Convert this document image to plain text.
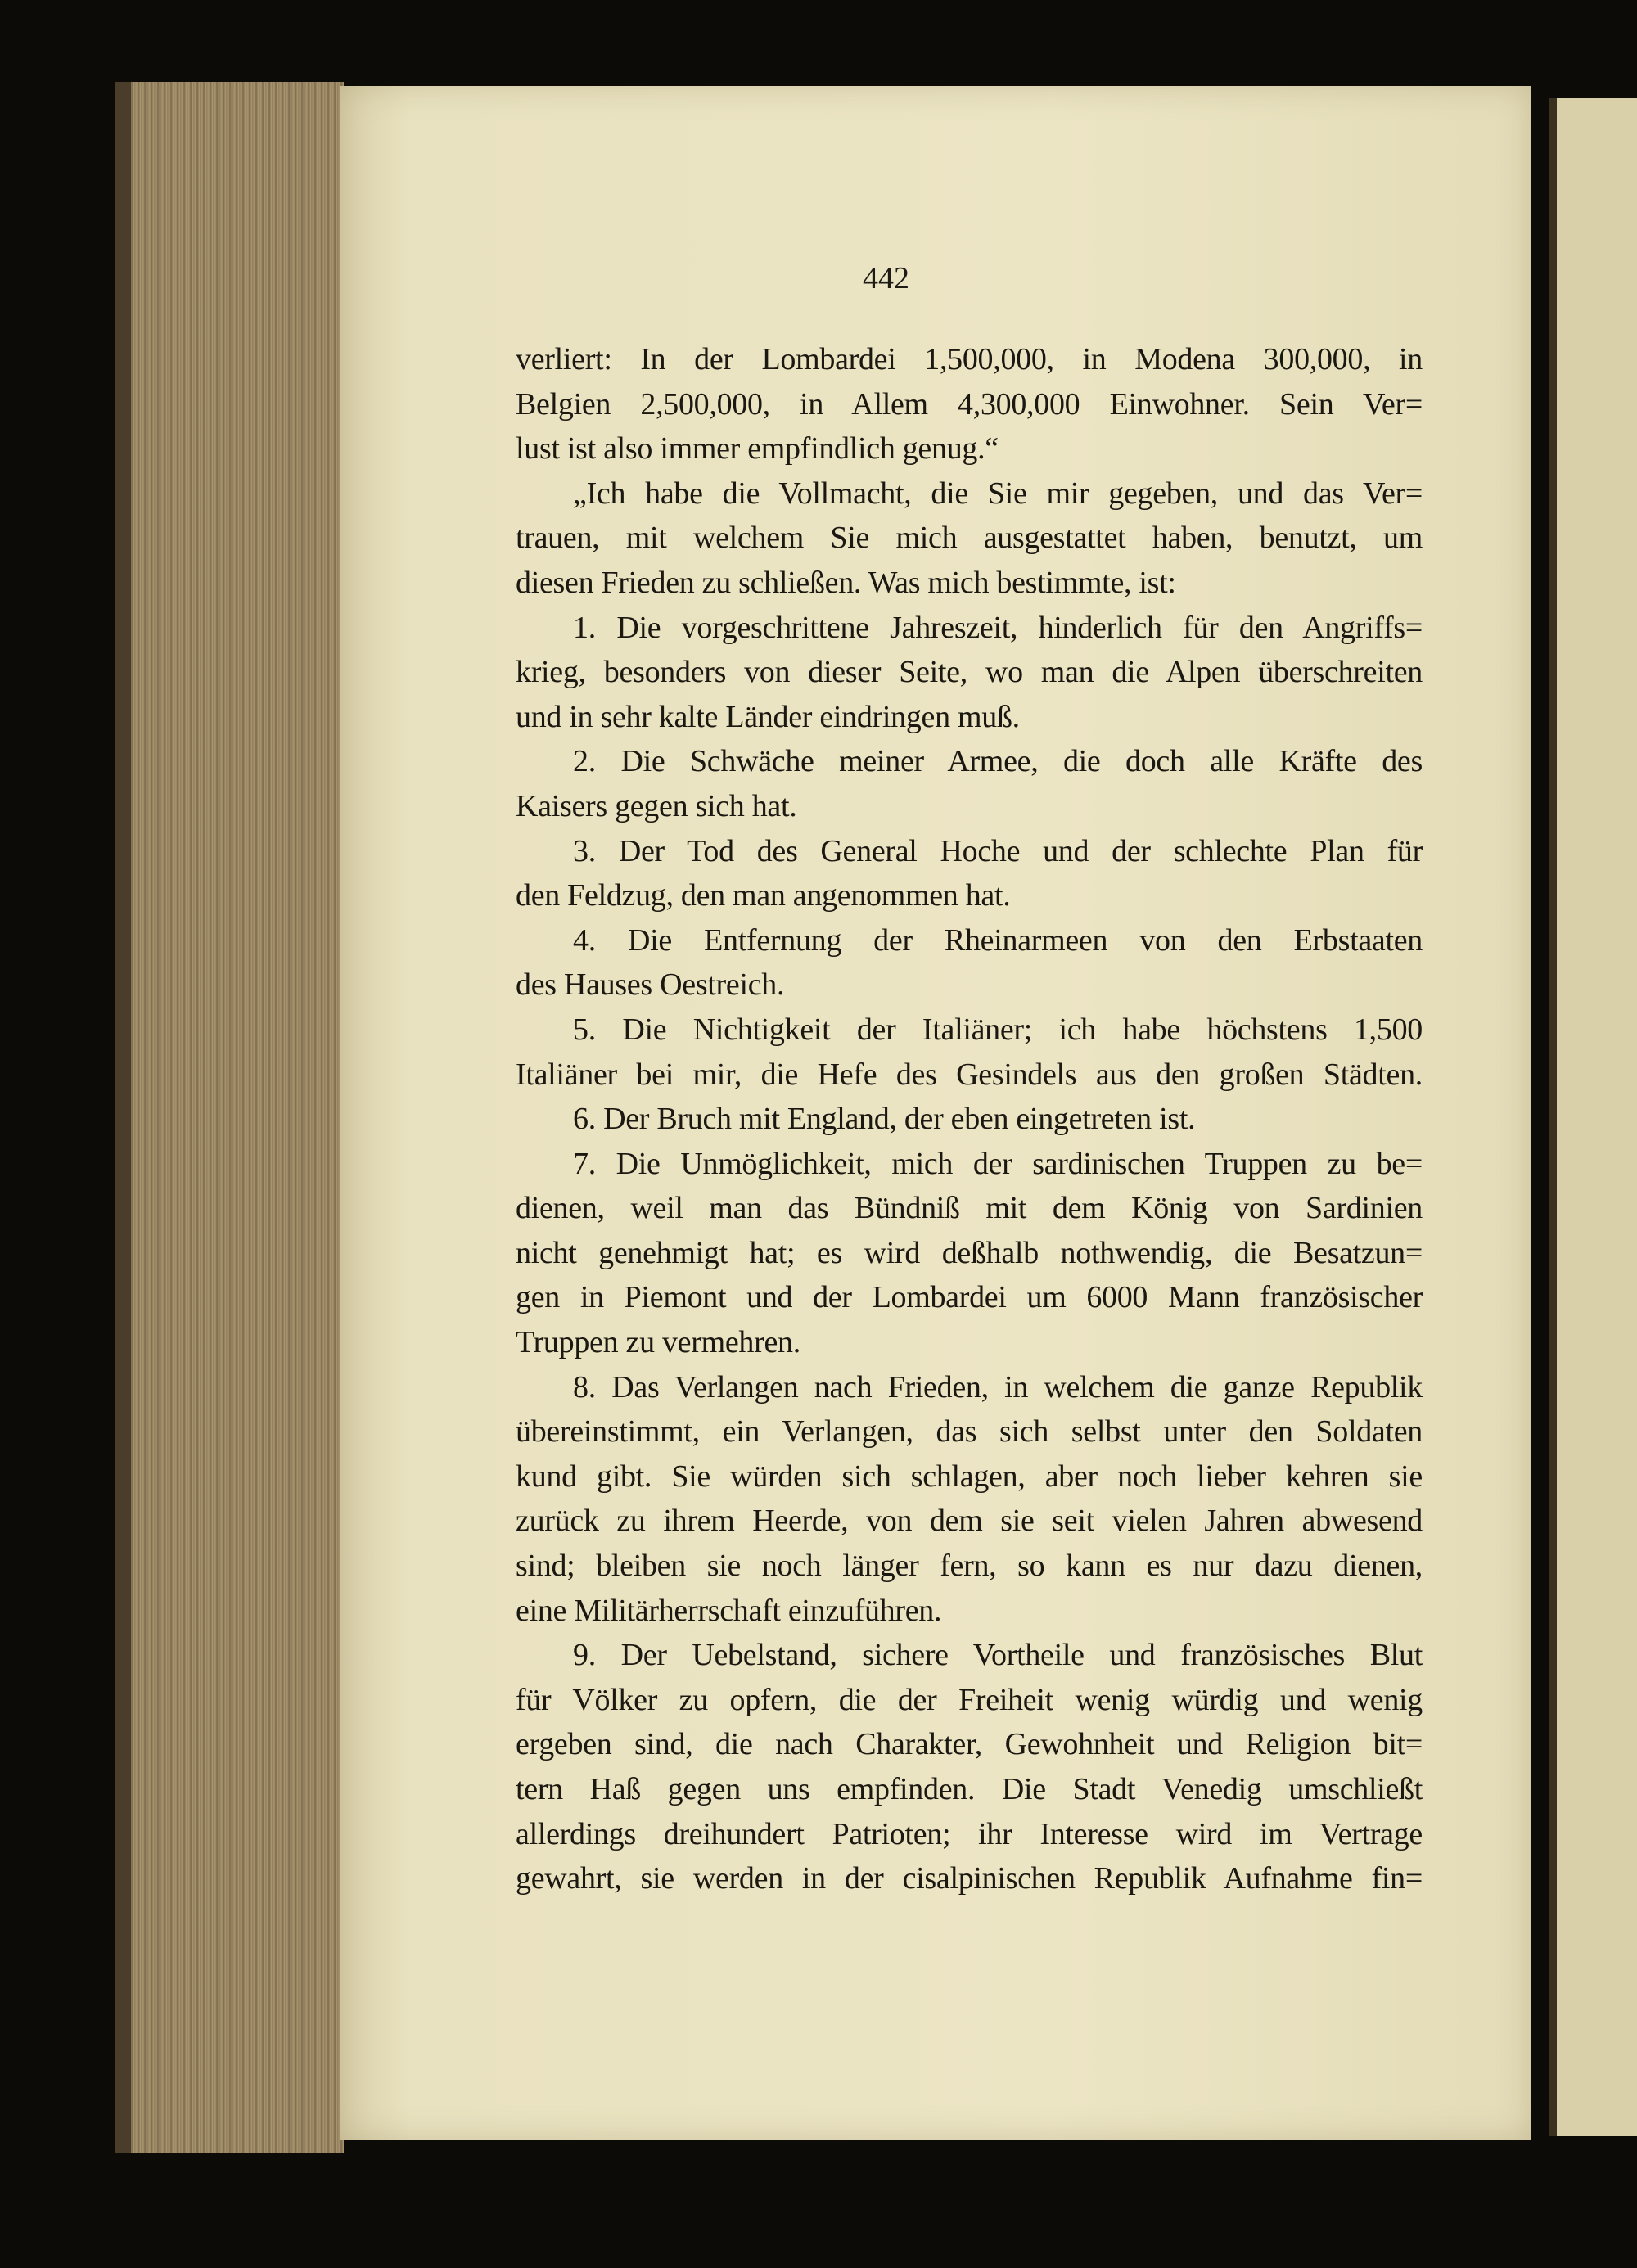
442
verliert: In der Lombardei 1,500,000, in Modena 300,000, in
Belgien 2,500,000, in Allem 4,300,000 Einwohner. Sein Ver=
lust ist also immer empfindlich genug.“
„Ich habe die Vollmacht, die Sie mir gegeben, und das Ver=
trauen, mit welchem Sie mich ausgestattet haben, benutzt, um
diesen Frieden zu schließen. Was mich bestimmte, ist:
1. Die vorgeschrittene Jahreszeit, hinderlich für den Angriffs=
krieg, besonders von dieser Seite, wo man die Alpen überschreiten
und in sehr kalte Länder eindringen muß.
2. Die Schwäche meiner Armee, die doch alle Kräfte des
Kaisers gegen sich hat.
3. Der Tod des General Hoche und der schlechte Plan für
den Feldzug, den man angenommen hat.
4. Die Entfernung der Rheinarmeen von den Erbstaaten
des Hauses Oestreich.
5. Die Nichtigkeit der Italiäner; ich habe höchstens 1,500
Italiäner bei mir, die Hefe des Gesindels aus den großen Städten.
6. Der Bruch mit England, der eben eingetreten ist.
7. Die Unmöglichkeit, mich der sardinischen Truppen zu be=
dienen, weil man das Bündniß mit dem König von Sardinien
nicht genehmigt hat; es wird deßhalb nothwendig, die Besatzun=
gen in Piemont und der Lombardei um 6000 Mann französischer
Truppen zu vermehren.
8. Das Verlangen nach Frieden, in welchem die ganze Republik
übereinstimmt, ein Verlangen, das sich selbst unter den Soldaten
kund gibt. Sie würden sich schlagen, aber noch lieber kehren sie
zurück zu ihrem Heerde, von dem sie seit vielen Jahren abwesend
sind; bleiben sie noch länger fern, so kann es nur dazu dienen,
eine Militärherrschaft einzuführen.
9. Der Uebelstand, sichere Vortheile und französisches Blut
für Völker zu opfern, die der Freiheit wenig würdig und wenig
ergeben sind, die nach Charakter, Gewohnheit und Religion bit=
tern Haß gegen uns empfinden. Die Stadt Venedig umschließt
allerdings dreihundert Patrioten; ihr Interesse wird im Vertrage
gewahrt, sie werden in der cisalpinischen Republik Aufnahme fin=
